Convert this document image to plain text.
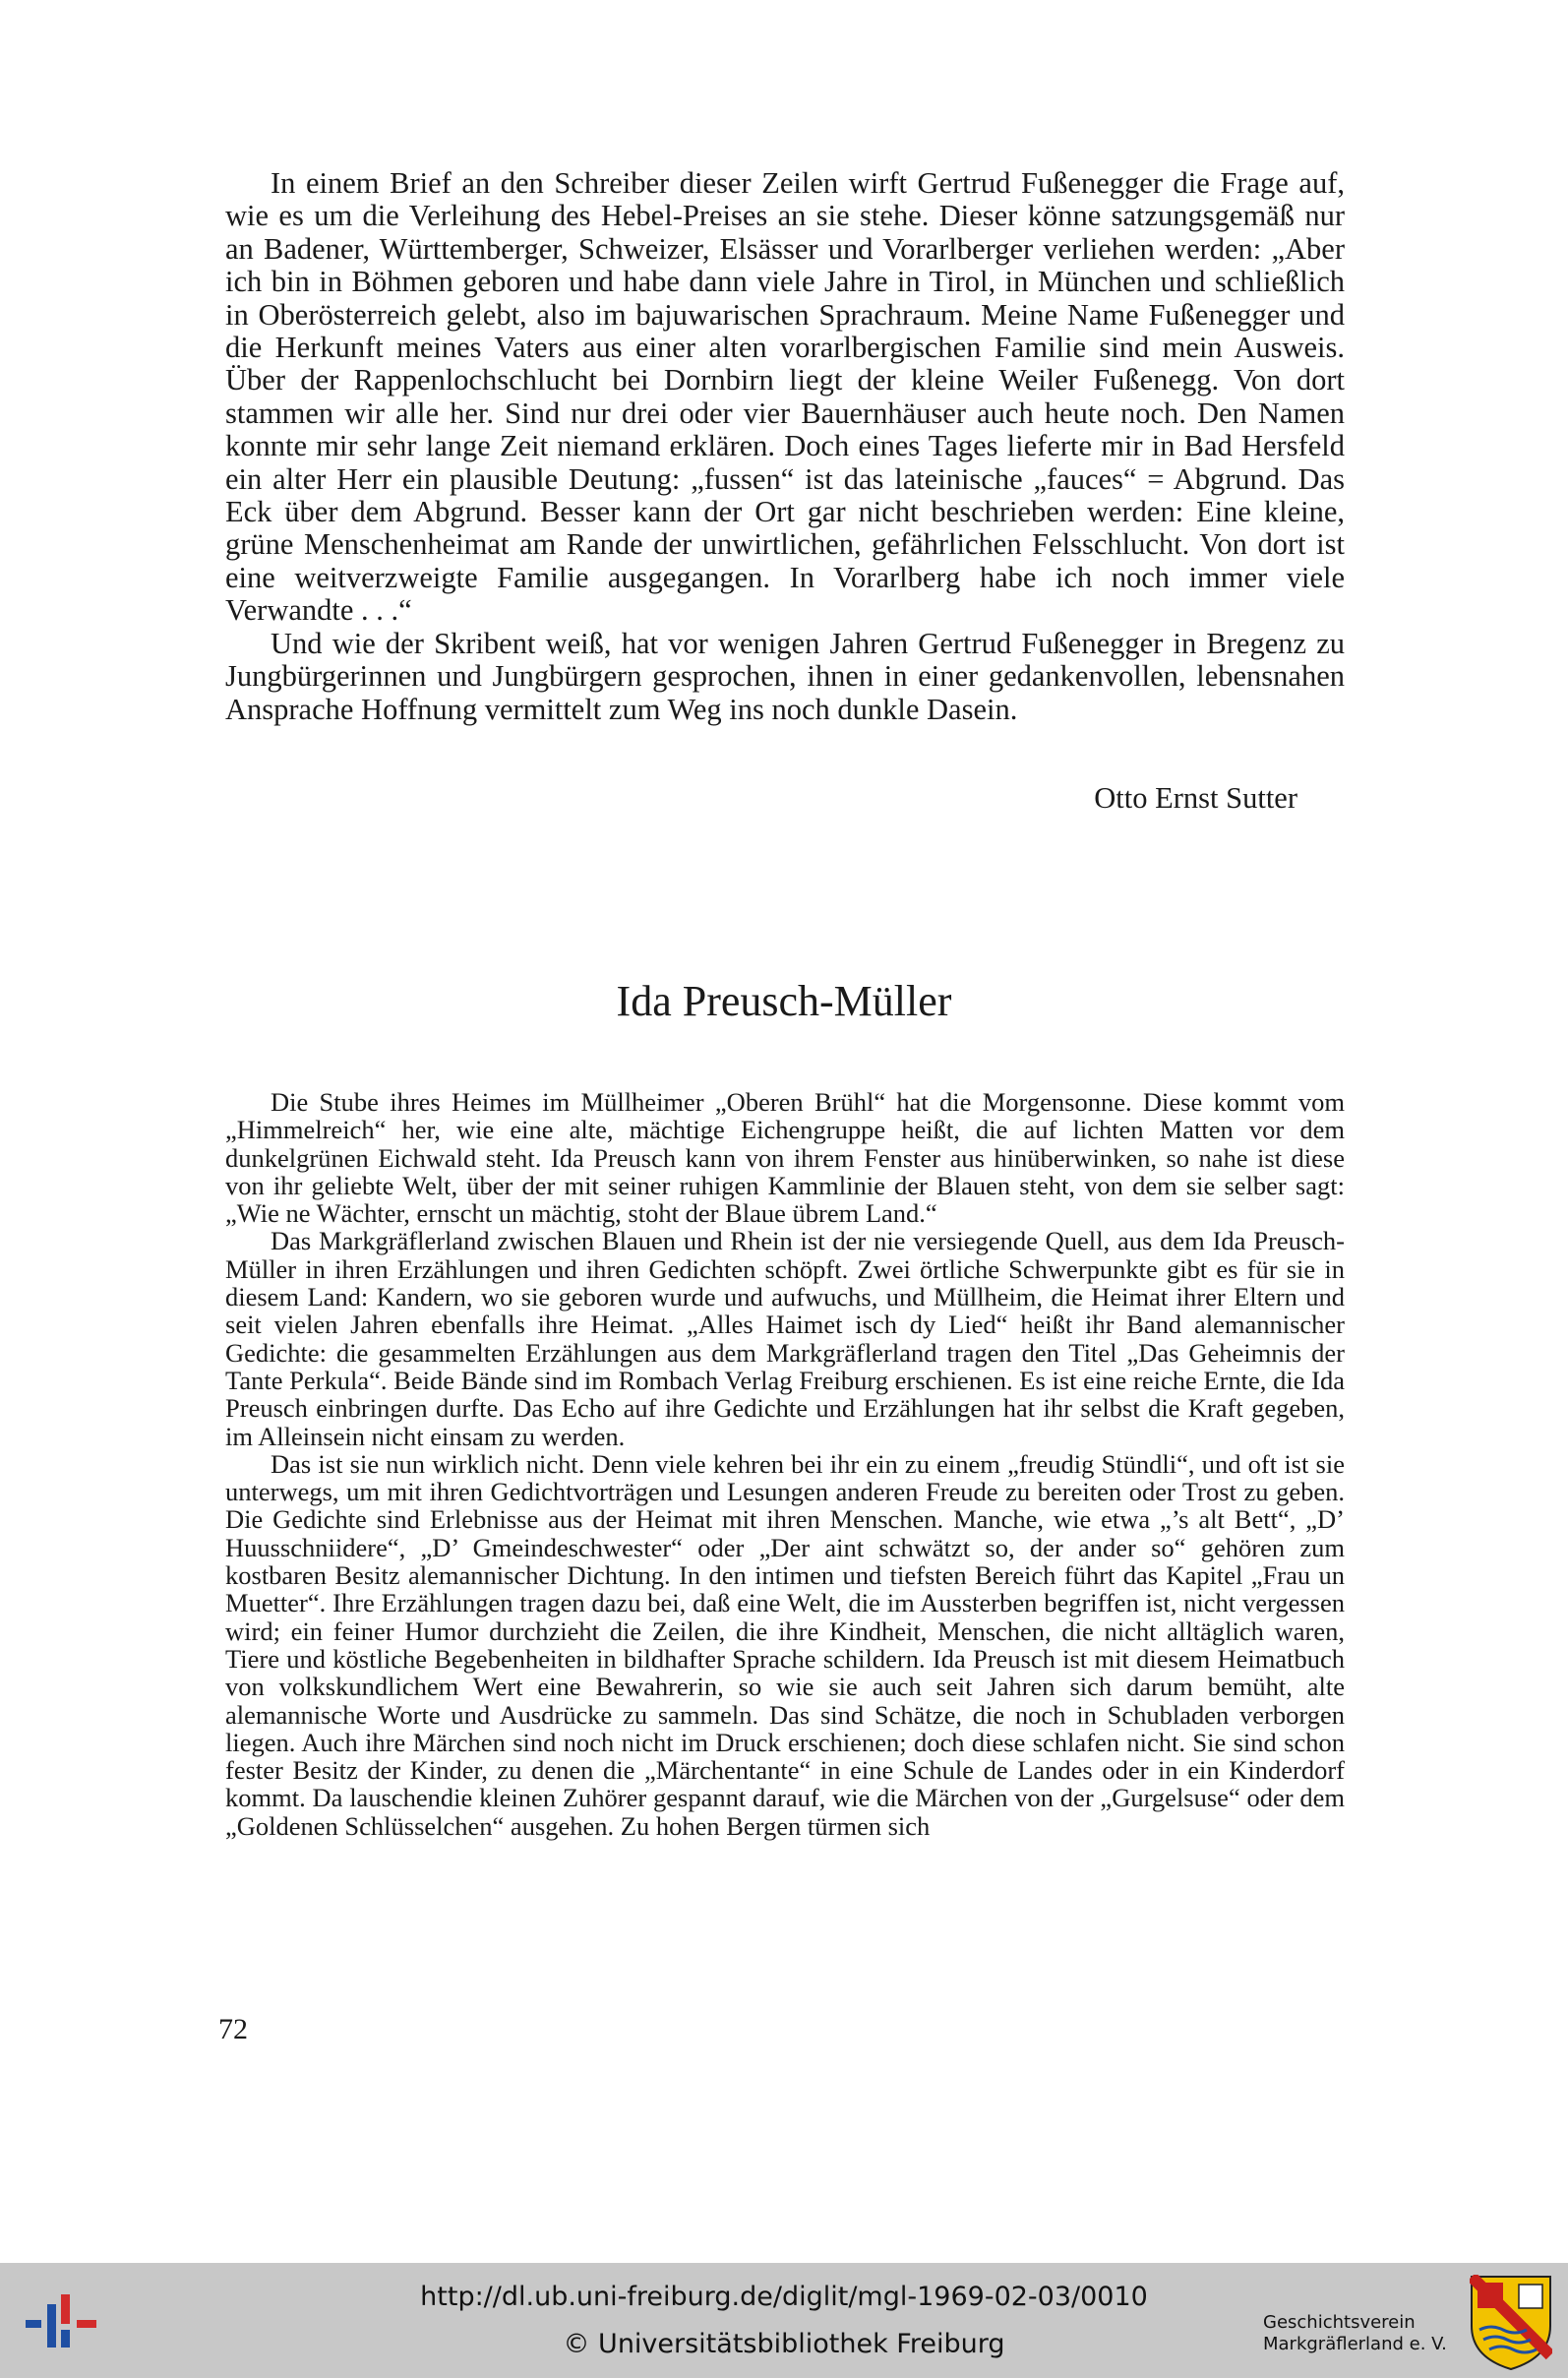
In einem Brief an den Schreiber dieser Zeilen wirft Gertrud Fußenegger die Frage auf, wie es um die Verleihung des Hebel-Preises an sie stehe. Dieser könne satzungsgemäß nur an Badener, Württemberger, Schweizer, Elsässer und Vorarlberger verliehen werden: „Aber ich bin in Böhmen geboren und habe dann viele Jahre in Tirol, in München und schließlich in Oberösterreich gelebt, also im bajuwarischen Sprachraum. Meine Name Fußenegger und die Herkunft meines Vaters aus einer alten vorarlbergischen Familie sind mein Ausweis. Über der Rappenlochschlucht bei Dornbirn liegt der kleine Weiler Fußenegg. Von dort stammen wir alle her. Sind nur drei oder vier Bauernhäuser auch heute noch. Den Namen konnte mir sehr lange Zeit niemand erklären. Doch eines Tages lieferte mir in Bad Hersfeld ein alter Herr ein plausible Deutung: „fussen“ ist das lateinische „fauces“ = Abgrund. Das Eck über dem Abgrund. Besser kann der Ort gar nicht beschrieben werden: Eine kleine, grüne Menschenheimat am Rande der unwirtlichen, gefährlichen Felsschlucht. Von dort ist eine weitverzweigte Familie ausgegangen. In Vorarlberg habe ich noch immer viele Verwandte . . .“

Und wie der Skribent weiß, hat vor wenigen Jahren Gertrud Fußenegger in Bregenz zu Jungbürgerinnen und Jungbürgern gesprochen, ihnen in einer gedankenvollen, lebensnahen Ansprache Hoffnung vermittelt zum Weg ins noch dunkle Dasein.

Otto Ernst Sutter
Ida Preusch-Müller

Die Stube ihres Heimes im Müllheimer „Oberen Brühl“ hat die Morgensonne. Diese kommt vom „Himmelreich“ her, wie eine alte, mächtige Eichengruppe heißt, die auf lichten Matten vor dem dunkelgrünen Eichwald steht. Ida Preusch kann von ihrem Fenster aus hinüberwinken, so nahe ist diese von ihr geliebte Welt, über der mit seiner ruhigen Kammlinie der Blauen steht, von dem sie selber sagt: „Wie ne Wächter, ernscht un mächtig, stoht der Blaue übrem Land.“

Das Markgräflerland zwischen Blauen und Rhein ist der nie versiegende Quell, aus dem Ida Preusch-Müller in ihren Erzählungen und ihren Gedichten schöpft. Zwei örtliche Schwerpunkte gibt es für sie in diesem Land: Kandern, wo sie geboren wurde und aufwuchs, und Müllheim, die Heimat ihrer Eltern und seit vielen Jahren ebenfalls ihre Heimat. „Alles Haimet isch dy Lied“ heißt ihr Band alemannischer Gedichte: die gesammelten Erzählungen aus dem Markgräflerland tragen den Titel „Das Geheimnis der Tante Perkula“. Beide Bände sind im Rombach Verlag Freiburg erschienen. Es ist eine reiche Ernte, die Ida Preusch einbringen durfte. Das Echo auf ihre Gedichte und Erzählungen hat ihr selbst die Kraft gegeben, im Alleinsein nicht einsam zu werden.

Das ist sie nun wirklich nicht. Denn viele kehren bei ihr ein zu einem „freudig Stündli“, und oft ist sie unterwegs, um mit ihren Gedichtvorträgen und Lesungen anderen Freude zu bereiten oder Trost zu geben. Die Gedichte sind Erlebnisse aus der Heimat mit ihren Menschen. Manche, wie etwa „’s alt Bett“, „D’ Huusschniidere“, „D’ Gmeindeschwester“ oder „Der aint schwätzt so, der ander so“ gehören zum kostbaren Besitz alemannischer Dichtung. In den intimen und tiefsten Bereich führt das Kapitel „Frau un Muetter“. Ihre Erzählungen tragen dazu bei, daß eine Welt, die im Aussterben begriffen ist, nicht vergessen wird; ein feiner Humor durchzieht die Zeilen, die ihre Kindheit, Menschen, die nicht alltäglich waren, Tiere und köstliche Begebenheiten in bildhafter Sprache schildern. Ida Preusch ist mit diesem Heimatbuch von volkskundlichem Wert eine Bewahrerin, so wie sie auch seit Jahren sich darum bemüht, alte alemannische Worte und Ausdrücke zu sammeln. Das sind Schätze, die noch in Schubladen verborgen liegen. Auch ihre Märchen sind noch nicht im Druck erschienen; doch diese schlafen nicht. Sie sind schon fester Besitz der Kinder, zu denen die „Märchentante“ in eine Schule de Landes oder in ein Kinderdorf kommt. Da lauschendie kleinen Zuhörer gespannt darauf, wie die Märchen von der „Gurgelsuse“ oder dem „Goldenen Schlüsselchen“ ausgehen. Zu hohen Bergen türmen sich

72
http://dl.ub.uni-freiburg.de/diglit/mgl-1969-02-03/0010
© Universitätsbibliothek Freiburg
Geschichtsverein
Markgräflerland e. V.
